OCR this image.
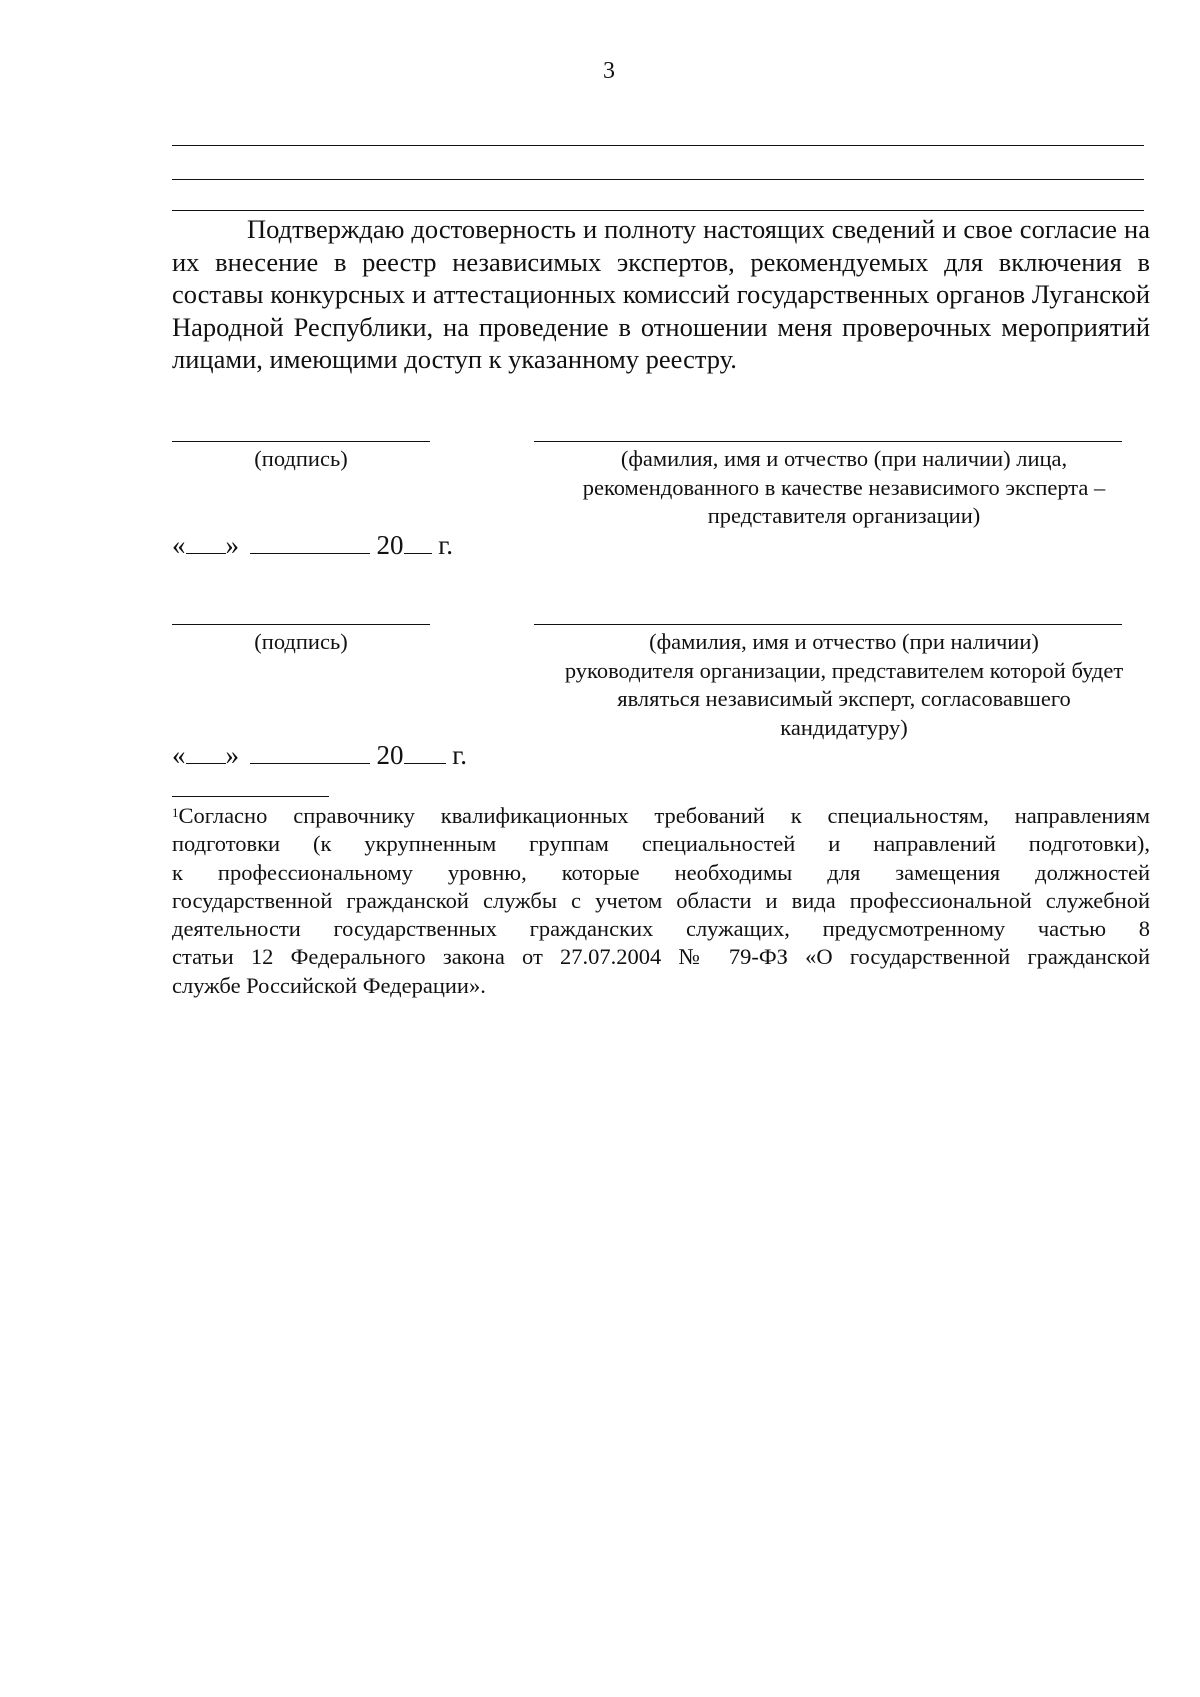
3
Подтверждаю достоверность и полноту настоящих сведений и свое согласие на их внесение в реестр независимых экспертов, рекомендуемых для включения в составы конкурсных и аттестационных комиссий государственных органов Луганской Народной Республики, на проведение в отношении меня проверочных мероприятий лицами, имеющими доступ к указанному реестру.
(подпись)	(фамилия, имя и отчество (при наличии) лица,
рекомендованного в качестве независимого эксперта –
представителя организации)
« »	20 г.
(подпись)	(фамилия, имя и отчество (при наличии)
руководителя организации, представителем которой будет
являться независимый эксперт, согласовавшего
кандидатуру)
« »	20 г.
$^1$Согласно справочнику квалификационных требований к специальностям, направлениям
подготовки (к укрупненным группам специальностей и направлений подготовки),
к профессиональному уровню, которые необходимы для замещения должностей
государственной гражданской службы с учетом области и вида профессиональной служебной
деятельности государственных гражданских служащих, предусмотренному частью 8
статьи 12 Федерального закона от 27.07.2004 № 79-ФЗ «О государственной гражданской
службе Российской Федерации».
